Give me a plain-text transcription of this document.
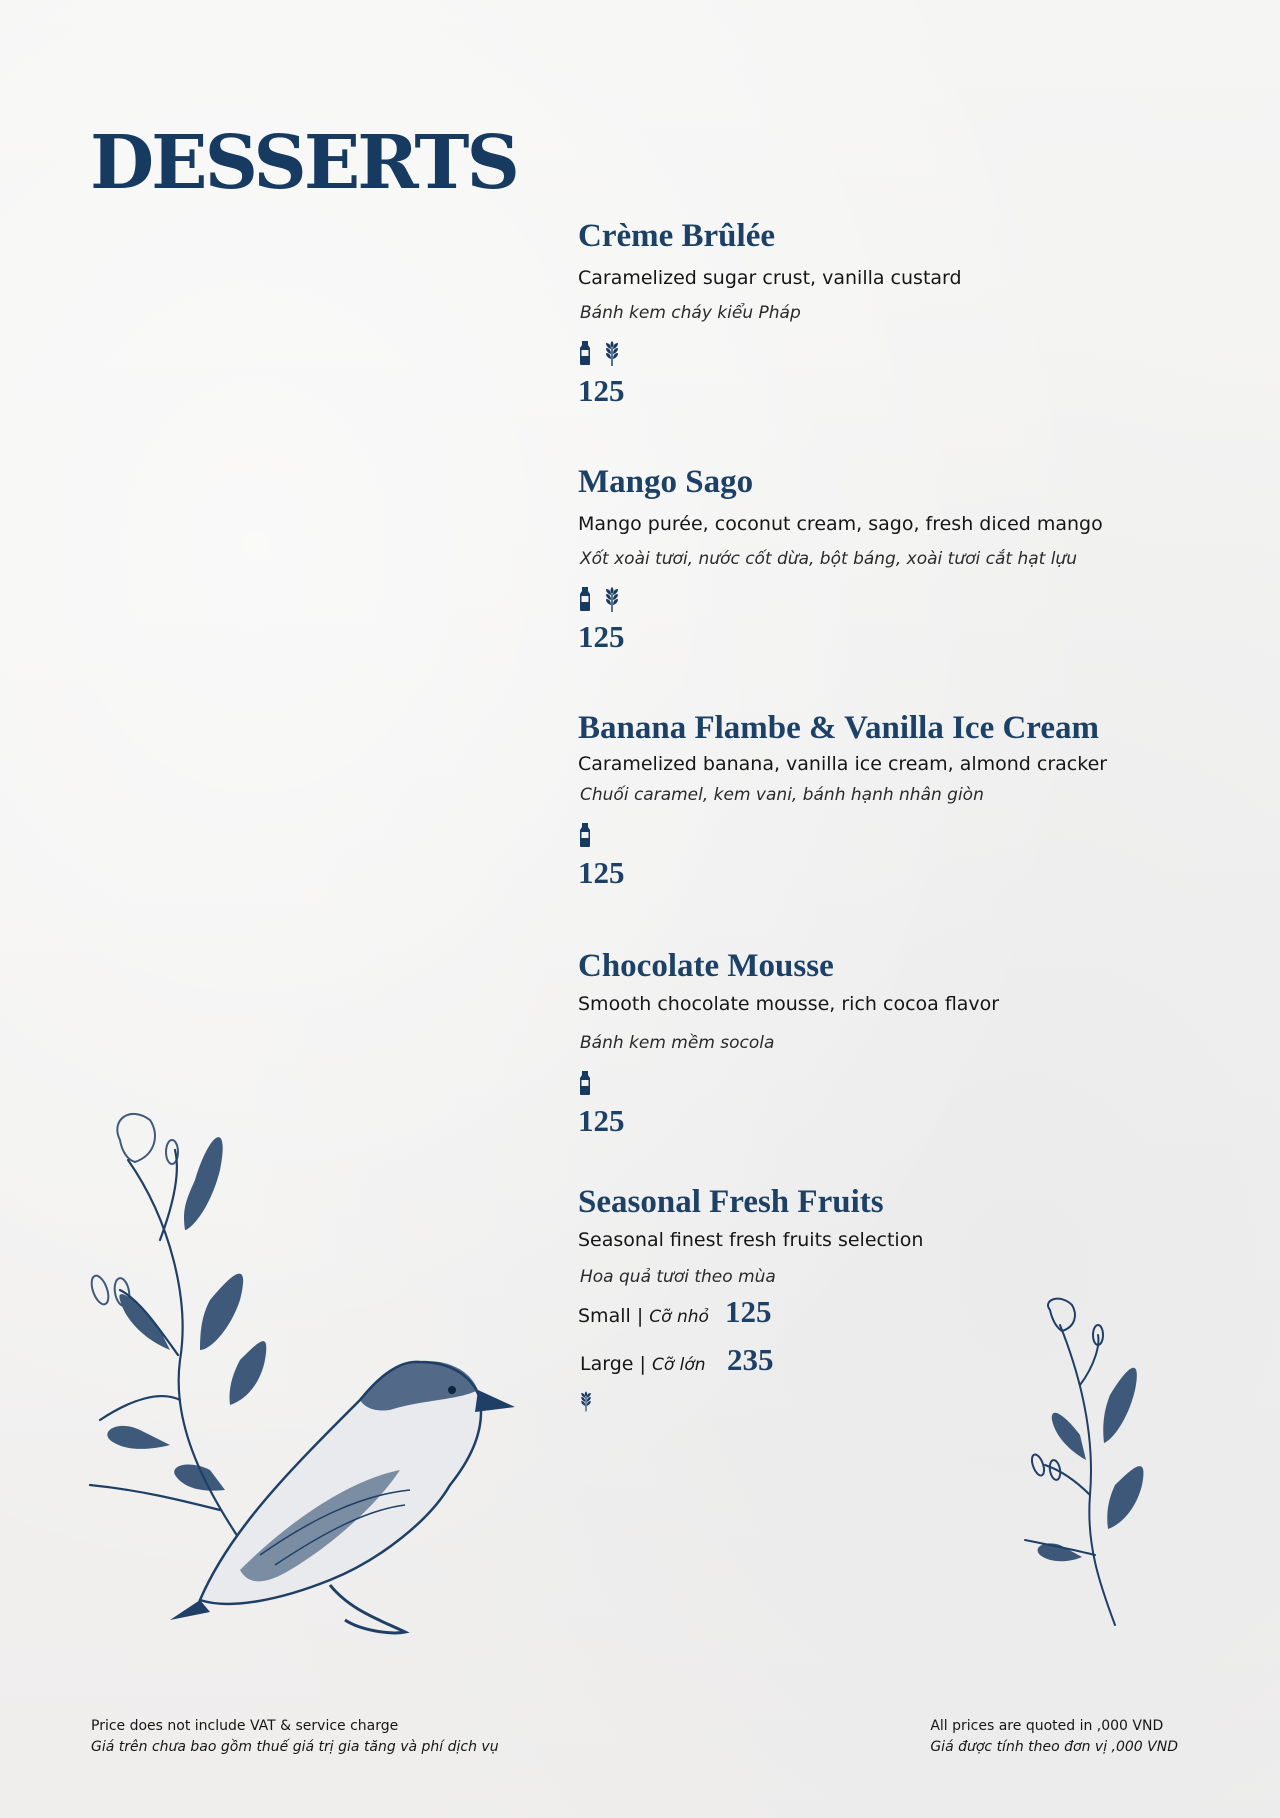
DESSERTS
Crème Brûlée
Caramelized sugar crust, vanilla custard
Bánh kem cháy kiểu Pháp
125
Mango Sago
Mango purée, coconut cream, sago, fresh diced mango
Xốt xoài tươi, nước cốt dừa, bột báng, xoài tươi cắt hạt lựu
125
Banana Flambe & Vanilla Ice Cream
Caramelized banana, vanilla ice cream, almond cracker
Chuối caramel, kem vani, bánh hạnh nhân giòn
125
Chocolate Mousse
Smooth chocolate mousse, rich cocoa flavor
Bánh kem mềm socola
125
Seasonal Fresh Fruits
Seasonal finest fresh fruits selection
Hoa quả tươi theo mùa
Small | Cỡ nhỏ 125
Large | Cỡ lớn 235
Price does not include VAT & service charge
Giá trên chưa bao gồm thuế giá trị gia tăng và phí dịch vụ
All prices are quoted in ,000 VND
Giá được tính theo đơn vị ,000 VND
